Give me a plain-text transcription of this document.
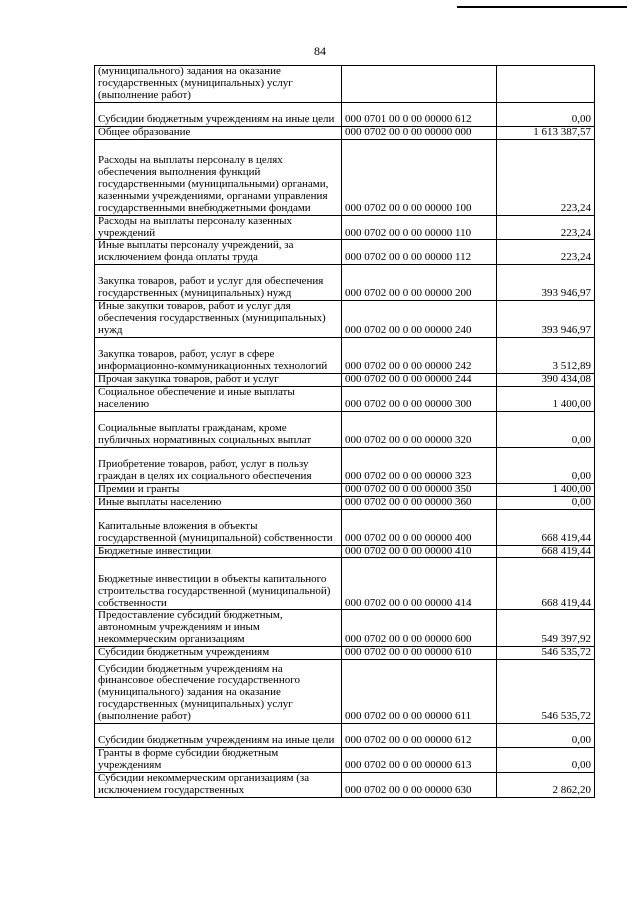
84
(муниципального) задания на оказание государственных (муниципальных) услуг (выполнение работ)		
Субсидии бюджетным учреждениям на иные цели	000 0701 00 0 00 00000 612	0,00
Общее образование	000 0702 00 0 00 00000 000	1 613 387,57
Расходы на выплаты персоналу в целях обеспечения выполнения функций государственными (муниципальными) органами, казенными учреждениями, органами управления государственными внебюджетными фондами	000 0702 00 0 00 00000 100	223,24
Расходы на выплаты персоналу казенных учреждений	000 0702 00 0 00 00000 110	223,24
Иные выплаты персоналу учреждений, за исключением фонда оплаты труда	000 0702 00 0 00 00000 112	223,24
Закупка товаров, работ и услуг для обеспечения государственных (муниципальных) нужд	000 0702 00 0 00 00000 200	393 946,97
Иные закупки товаров, работ и услуг для обеспечения государственных (муниципальных) нужд	000 0702 00 0 00 00000 240	393 946,97
Закупка товаров, работ, услуг в сфере информационно-коммуникационных технологий	000 0702 00 0 00 00000 242	3 512,89
Прочая закупка товаров, работ и услуг	000 0702 00 0 00 00000 244	390 434,08
Социальное обеспечение и иные выплаты населению	000 0702 00 0 00 00000 300	1 400,00
Социальные выплаты гражданам, кроме публичных нормативных социальных выплат	000 0702 00 0 00 00000 320	0,00
Приобретение товаров, работ, услуг в пользу граждан в целях их социального обеспечения	000 0702 00 0 00 00000 323	0,00
Премии и гранты	000 0702 00 0 00 00000 350	1 400,00
Иные выплаты населению	000 0702 00 0 00 00000 360	0,00
Капитальные вложения в объекты государственной (муниципальной) собственности	000 0702 00 0 00 00000 400	668 419,44
Бюджетные инвестиции	000 0702 00 0 00 00000 410	668 419,44
Бюджетные инвестиции в объекты капитального строительства государственной (муниципальной) собственности	000 0702 00 0 00 00000 414	668 419,44
Предоставление субсидий бюджетным, автономным учреждениям и иным некоммерческим организациям	000 0702 00 0 00 00000 600	549 397,92
Субсидии бюджетным учреждениям	000 0702 00 0 00 00000 610	546 535,72
Субсидии бюджетным учреждениям на финансовое обеспечение государственного (муниципального) задания на оказание государственных (муниципальных) услуг (выполнение работ)	000 0702 00 0 00 00000 611	546 535,72
Субсидии бюджетным учреждениям на иные цели	000 0702 00 0 00 00000 612	0,00
Гранты в форме субсидии бюджетным учреждениям	000 0702 00 0 00 00000 613	0,00
Субсидии некоммерческим организациям (за исключением государственных	000 0702 00 0 00 00000 630	2 862,20
